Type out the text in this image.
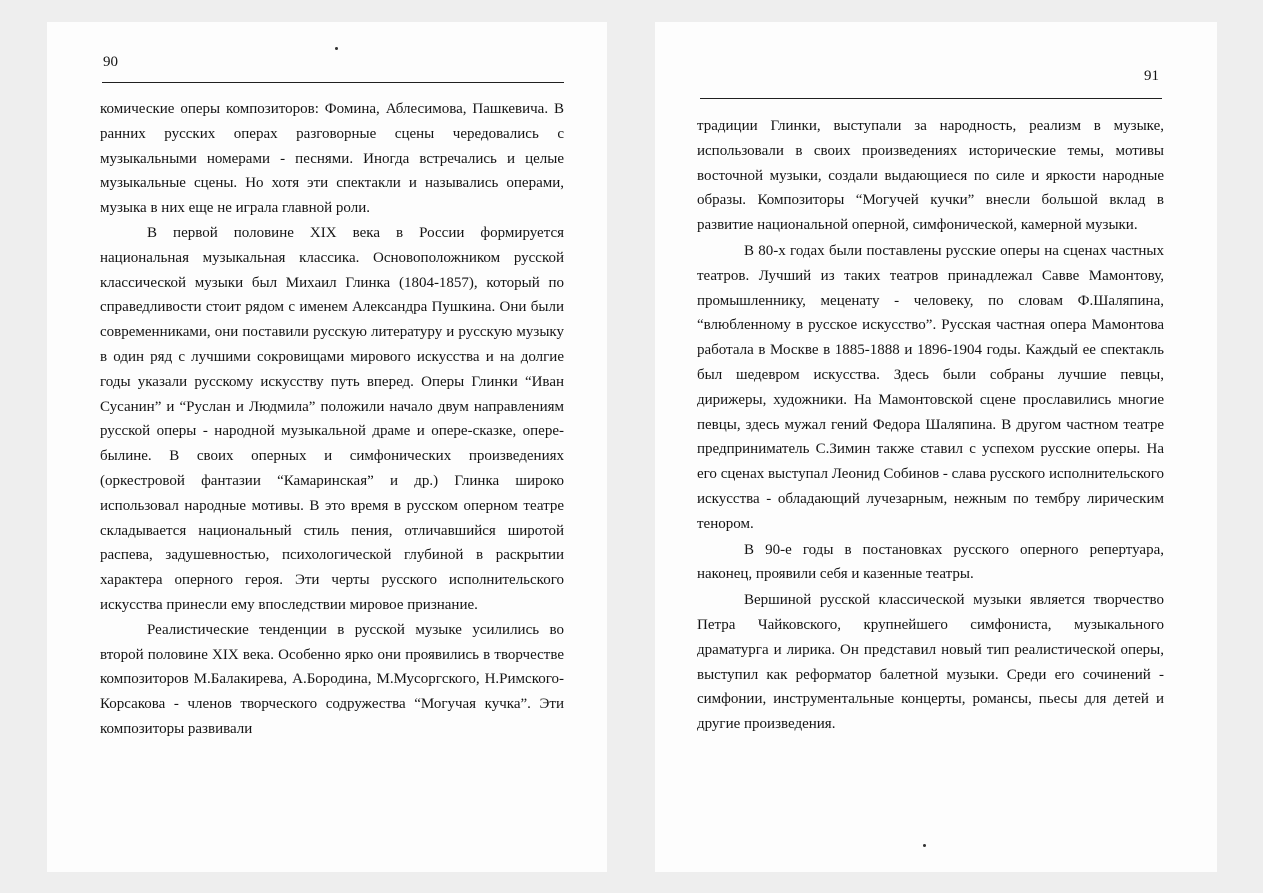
90

комические оперы композиторов: Фомина, Аблесимова, Пашкевича. В ранних русских операх разговорные сцены чередовались с музыкальными номерами - песнями. Иногда встречались и целые музыкальные сцены. Но хотя эти спектакли и назывались операми, музыка в них еще не играла главной роли.

В первой половине XIX века в России формируется национальная музыкальная классика. Основоположником русской классической музыки был Михаил Глинка (1804-1857), который по справедливости стоит рядом с именем Александра Пушкина. Они были современниками, они поставили русскую литературу и русскую музыку в один ряд с лучшими сокровищами мирового искусства и на долгие годы указали русскому искусству путь вперед. Оперы Глинки “Иван Сусанин” и “Руслан и Людмила” положили начало двум направлениям русской оперы - народной музыкальной драме и опере-сказке, опере-былине. В своих оперных и симфонических произведениях (оркестровой фантазии “Камаринская” и др.) Глинка широко использовал народные мотивы. В это время в русском оперном театре складывается национальный стиль пения, отличавшийся широтой распева, задушевностью, психологической глубиной в раскрытии характера оперного героя. Эти черты русского исполнительского искусства принесли ему впоследствии мировое признание.

Реалистические тенденции в русской музыке усилились во второй половине XIX века. Особенно ярко они проявились в творчестве композиторов М.Балакирева, А.Бородина, М.Мусоргского, Н.Римского-Корсакова - членов творческого содружества “Могучая кучка”. Эти композиторы развивали

91

традиции Глинки, выступали за народность, реализм в музыке, использовали в своих произведениях исторические темы, мотивы восточной музыки, создали выдающиеся по силе и яркости народные образы. Композиторы “Могучей кучки” внесли большой вклад в развитие национальной оперной, симфонической, камерной музыки.

В 80-х годах были поставлены русские оперы на сценах частных театров. Лучший из таких театров принадлежал Савве Мамонтову, промышленнику, меценату - человеку, по словам Ф.Шаляпина, “влюбленному в русское искусство”. Русская частная опера Мамонтова работала в Москве в 1885-1888 и 1896-1904 годы. Каждый ее спектакль был шедевром искусства. Здесь были собраны лучшие певцы, дирижеры, художники. На Мамонтовской сцене прославились многие певцы, здесь мужал гений Федора Шаляпина. В другом частном театре предприниматель С.Зимин также ставил с успехом русские оперы. На его сценах выступал Леонид Собинов - слава русского исполнительского искусства - обладающий лучезарным, нежным по тембру лирическим тенором.

В 90-е годы в постановках русского оперного репертуара, наконец, проявили себя и казенные театры.

Вершиной русской классической музыки является творчество Петра Чайковского, крупнейшего симфониста, музыкального драматурга и лирика. Он представил новый тип реалистической оперы, выступил как реформатор балетной музыки. Среди его сочинений - симфонии, инструментальные концерты, романсы, пьесы для детей и другие произведения.
